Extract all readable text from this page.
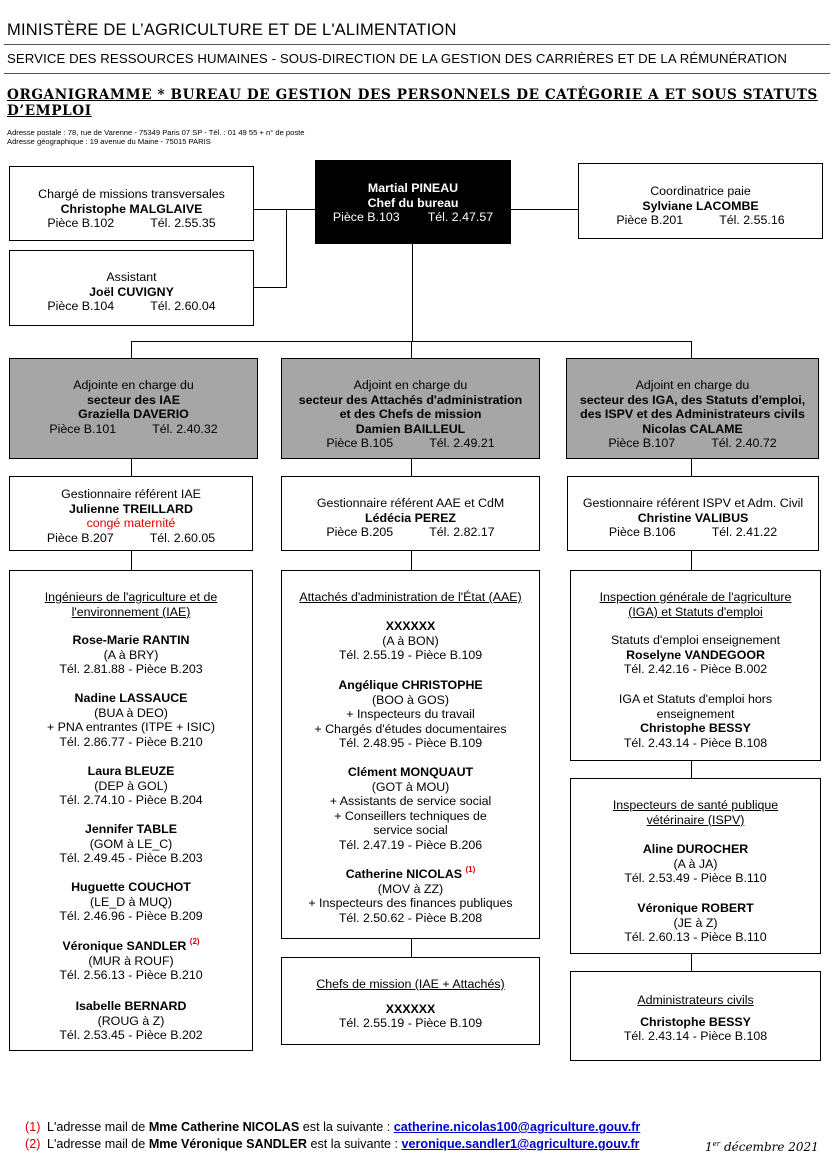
MINISTÈRE DE L’AGRICULTURE ET DE L'ALIMENTATION
SERVICE DES RESSOURCES HUMAINES - SOUS-DIRECTION DE LA GESTION DES CARRIÈRES ET DE LA RÉMUNÉRATION
ORGANIGRAMME * BUREAU DE GESTION DES PERSONNELS DE CATÉGORIE A ET SOUS STATUTS D’EMPLOI
Adresse postale : 78, rue de Varenne - 75349 Paris 07 SP - Tél. : 01 49 55 + n° de poste
Adresse géographique : 19 avenue du Maine - 75015 PARIS
Martial PINEAU
Chef du bureau
Pièce B.103 Tél. 2.47.57
Chargé de missions transversales
Christophe MALGLAIVE
Pièce B.102	Tél. 2.55.35
Assistant
Joël CUVIGNY
Pièce B.104	Tél. 2.60.04
Coordinatrice paie
Sylviane LACOMBE
Pièce B.201	Tél. 2.55.16
Adjointe en charge du
secteur des IAE
Graziella DAVERIO
Pièce B.101	Tél. 2.40.32
Adjoint en charge du
secteur des Attachés d'administration
et des Chefs de mission
Damien BAILLEUL
Pièce B.105	Tél. 2.49.21
Adjoint en charge du
secteur des IGA, des Statuts d'emploi,
des ISPV et des Administrateurs civils
Nicolas CALAME
Pièce B.107	Tél. 2.40.72
Gestionnaire référent IAE
Julienne TREILLARD
congé maternité
Pièce B.207	Tél. 2.60.05
Gestionnaire référent AAE et CdM
Lédécia PEREZ
Pièce B.205	Tél. 2.82.17
Gestionnaire référent ISPV et Adm. Civil
Christine VALIBUS
Pièce B.106	Tél. 2.41.22
Ingénieurs de l'agriculture et de
l'environnement (IAE)
Rose-Marie RANTIN
(A à BRY)
Tél. 2.81.88 - Pièce B.203
Nadine LASSAUCE
(BUA à DEO)
+ PNA entrantes (ITPE + ISIC)
Tél. 2.86.77 - Pièce B.210
Laura BLEUZE
(DEP à GOL)
Tél. 2.74.10 - Pièce B.204
Jennifer TABLE
(GOM à LE_C)
Tél. 2.49.45 - Pièce B.203
Huguette COUCHOT
(LE_D à MUQ)
Tél. 2.46.96 - Pièce B.209
Véronique SANDLER $^{(2)}$
(MUR à ROUF)
Tél. 2.56.13 - Pièce B.210
Isabelle BERNARD
(ROUG à Z)
Tél. 2.53.45 - Pièce B.202
Attachés d'administration de l'État (AAE)
XXXXXX
(A à BON)
Tél. 2.55.19 - Pièce B.109
Angélique CHRISTOPHE
(BOO à GOS)
+ Inspecteurs du travail
+ Chargés d'études documentaires
Tél. 2.48.95 - Pièce B.109
Clément MONQUAUT
(GOT à MOU)
+ Assistants de service social
+ Conseillers techniques de
service social
Tél. 2.47.19 - Pièce B.206
Catherine NICOLAS $^{(1)}$
(MOV à ZZ)
+ Inspecteurs des finances publiques
Tél. 2.50.62 - Pièce B.208
Chefs de mission (IAE + Attachés)
XXXXXX
Tél. 2.55.19 - Pièce B.109
Inspection générale de l'agriculture
(IGA) et Statuts d'emploi
Statuts d'emploi enseignement
Roselyne VANDEGOOR
Tél. 2.42.16 - Pièce B.002
IGA et Statuts d'emploi hors
enseignement
Christophe BESSY
Tél. 2.43.14 - Pièce B.108
Inspecteurs de santé publique
vétérinaire (ISPV)
Aline DUROCHER
(A à JA)
Tél. 2.53.49 - Pièce B.110
Véronique ROBERT
(JE à Z)
Tél. 2.60.13 - Pièce B.110
Administrateurs civils
Christophe BESSY
Tél. 2.43.14 - Pièce B.108
(1) L'adresse mail de Mme Catherine NICOLAS est la suivante : catherine.nicolas100@agriculture.gouv.fr
(2) L'adresse mail de Mme Véronique SANDLER est la suivante : veronique.sandler1@agriculture.gouv.fr	1er décembre 2021
